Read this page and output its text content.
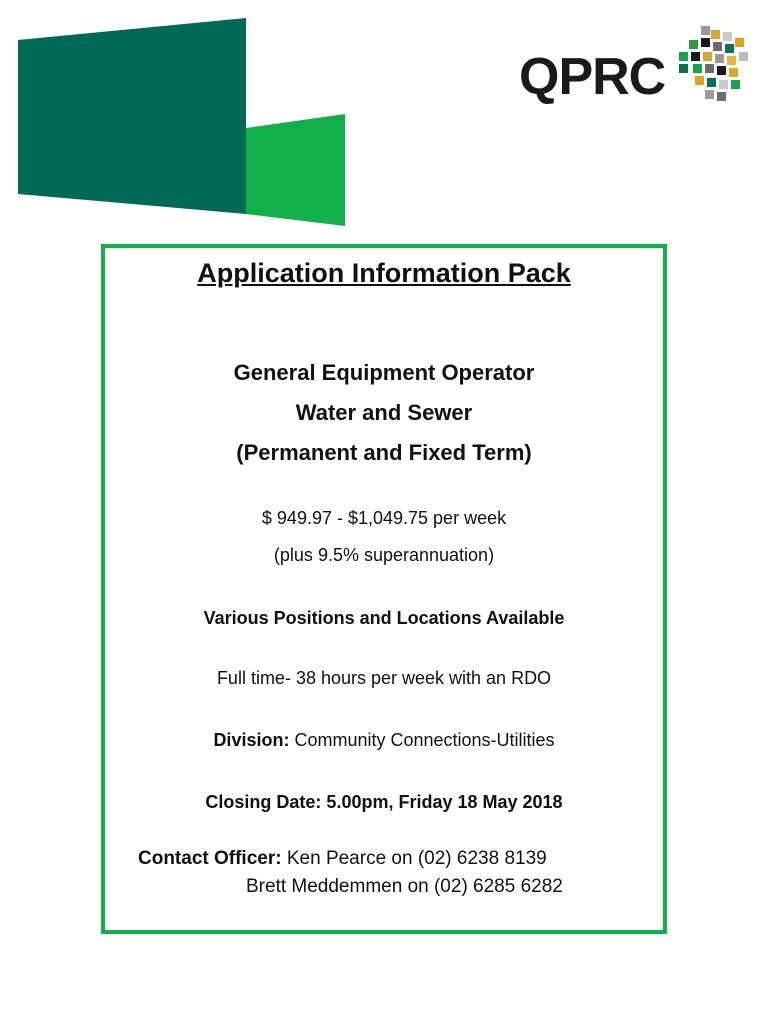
QPRC
Application Information Pack
General Equipment Operator
Water and Sewer
(Permanent and Fixed Term)
$ 949.97 - $1,049.75 per week
(plus 9.5% superannuation)
Various Positions and Locations Available
Full time- 38 hours per week with an RDO
Division: Community Connections-Utilities
Closing Date: 5.00pm, Friday 18 May 2018
Contact Officer: Ken Pearce on (02) 6238 8139
Brett Meddemmen on (02) 6285 6282
